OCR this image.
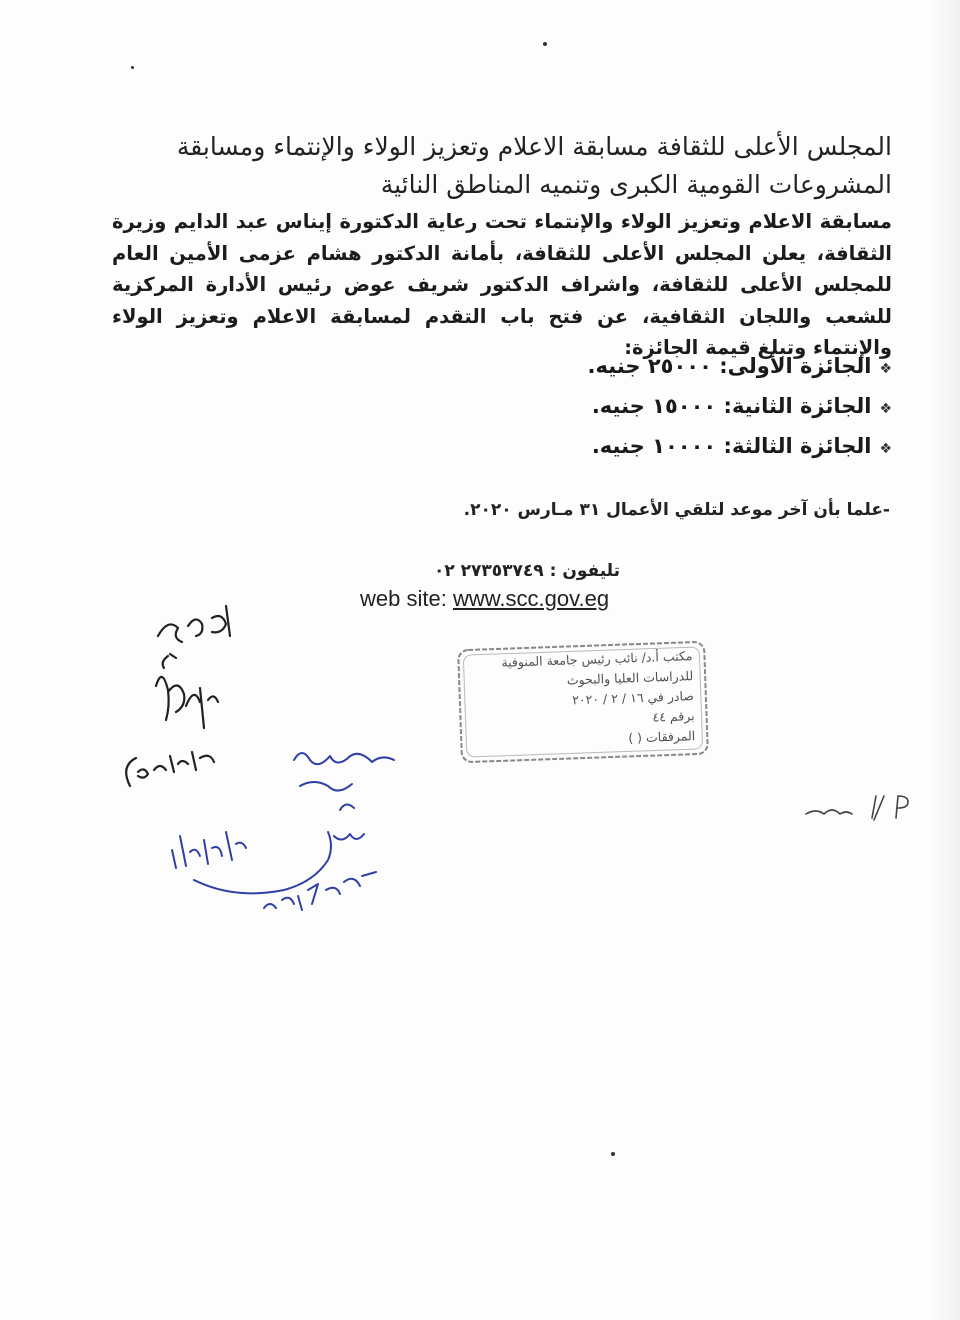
المجلس الأعلى للثقافة مسابقة الاعلام وتعزيز الولاء والإنتماء ومسابقة المشروعات القومية الكبرى وتنميه المناطق النائية
مسابقة الاعلام وتعزيز الولاء والإنتماء تحت رعاية الدكتورة إيناس عبد الدايم وزيرة الثقافة، يعلن المجلس الأعلى للثقافة، بأمانة الدكتور هشام عزمى الأمين العام للمجلس الأعلى للثقافة، واشراف الدكتور شريف عوض رئيس الأدارة المركزية للشعب واللجان الثقافية، عن فتح باب التقدم لمسابقة الاعلام وتعزيز الولاء والإنتماء وتبلغ قيمة الجائزة:
❖الجائزة الأولى: ٢٥٠٠٠ جنيه.
❖الجائزة الثانية: ١٥٠٠٠ جنيه.
❖الجائزة الثالثة: ١٠٠٠٠ جنيه.
-علما بأن آخر موعد لتلقي الأعمال ٣١ مـارس ٢٠٢٠.
تليفون : ٢٧٣٥٣٧٤٩ ٠٢
web site: www.scc.gov.eg
مكتب أ.د/ نائب رئيس جامعة المنوفية
للدراسات العليا والبحوث
صادر في ١٦ / ٢ / ٢٠٢٠
برقم ٤٤
المرفقات ( )
